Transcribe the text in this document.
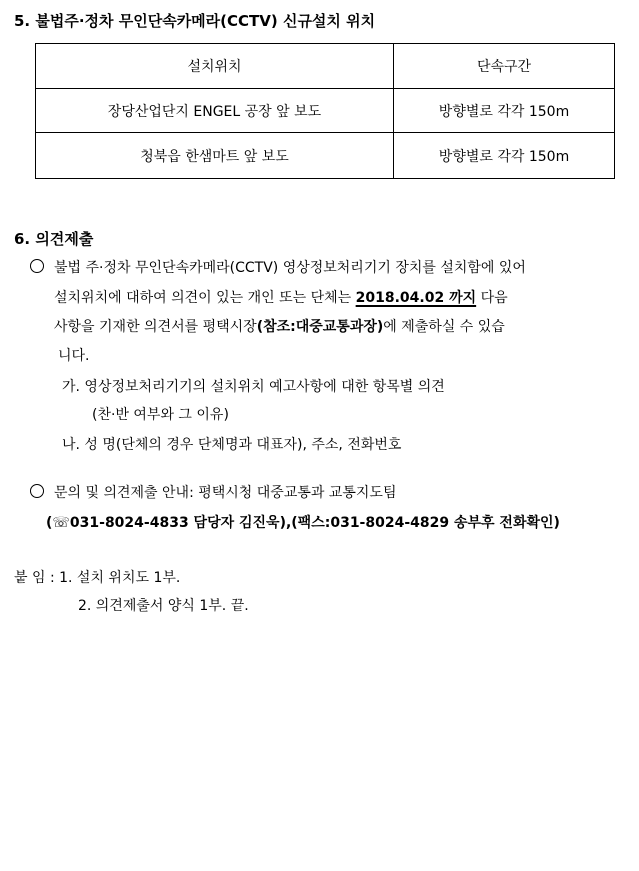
5. 불법주·정차 무인단속카메라(CCTV) 신규설치 위치
설치위치	단속구간
장당산업단지 ENGEL 공장 앞 보도	방향별로 각각 150m
청북읍 한샘마트 앞 보도	방향별로 각각 150m
6. 의견제출
불법 주·정차 무인단속카메라(CCTV) 영상정보처리기기 장치를 설치함에 있어
설치위치에 대하여 의견이 있는 개인 또는 단체는 2018.04.02 까지 다음
사항을 기재한 의견서를 평택시장(참조:대중교통과장)에 제출하실 수 있습
니다.
가. 영상정보처리기기의 설치위치 예고사항에 대한 항목별 의견
(찬·반 여부와 그 이유)
나. 성 명(단체의 경우 단체명과 대표자), 주소, 전화번호
문의 및 의견제출 안내: 평택시청 대중교통과 교통지도팀
(☏031-8024-4833 담당자 김진욱),(팩스:031-8024-4829 송부후 전화확인)
붙 임 : 1. 설치 위치도 1부.
2. 의견제출서 양식 1부. 끝.
